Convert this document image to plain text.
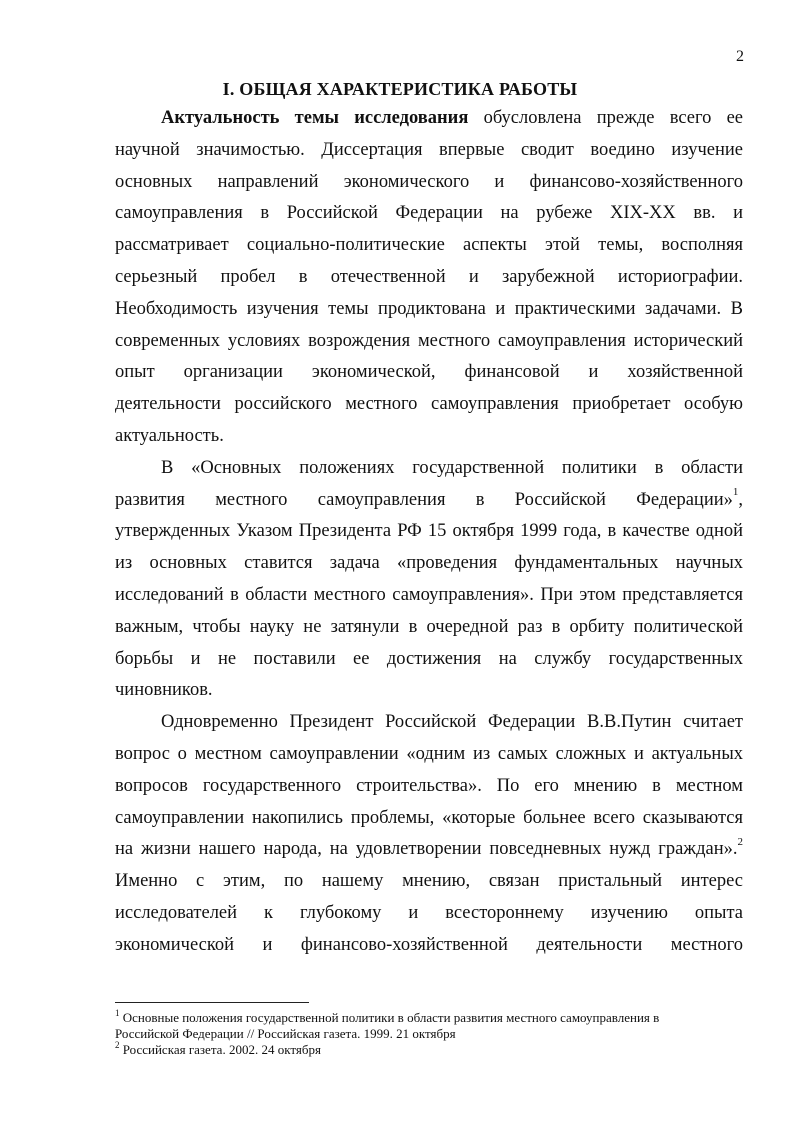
2
I. ОБЩАЯ ХАРАКТЕРИСТИКА РАБОТЫ

Актуальность темы исследования обусловлена прежде всего ее
научной значимостью. Диссертация впервые сводит воедино изучение
основных направлений экономического и финансово-хозяйственного
самоуправления в Российской Федерации на рубеже XIX-XX вв. и
рассматривает социально-политические аспекты этой темы, восполняя
серьезный пробел в отечественной и зарубежной историографии.
Необходимость изучения темы продиктована и практическими задачами. В
современных условиях возрождения местного самоуправления исторический
опыт организации экономической, финансовой и хозяйственной
деятельности российского местного самоуправления приобретает особую
актуальность.

В «Основных положениях государственной политики в области
развития местного самоуправления в Российской Федерации»$^1$,
утвержденных Указом Президента РФ 15 октября 1999 года, в качестве одной
из основных ставится задача «проведения фундаментальных научных
исследований в области местного самоуправления». При этом представляется
важным, чтобы науку не затянули в очередной раз в орбиту политической
борьбы и не поставили ее достижения на службу государственных
чиновников.

Одновременно Президент Российской Федерации В.В.Путин считает
вопрос о местном самоуправлении «одним из самых сложных и актуальных
вопросов государственного строительства». По его мнению в местном
самоуправлении накопились проблемы, «которые больнее всего сказываются
на жизни нашего народа, на удовлетворении повседневных нужд граждан».$^2$
Именно с этим, по нашему мнению, связан пристальный интерес
исследователей к глубокому и всестороннему изучению опыта
экономической и финансово-хозяйственной деятельности местного

$^1$ Основные положения государственной политики в области развития местного самоуправления в
Российской Федерации // Российская газета. 1999. 21 октября
$^2$ Российская газета. 2002. 24 октября
